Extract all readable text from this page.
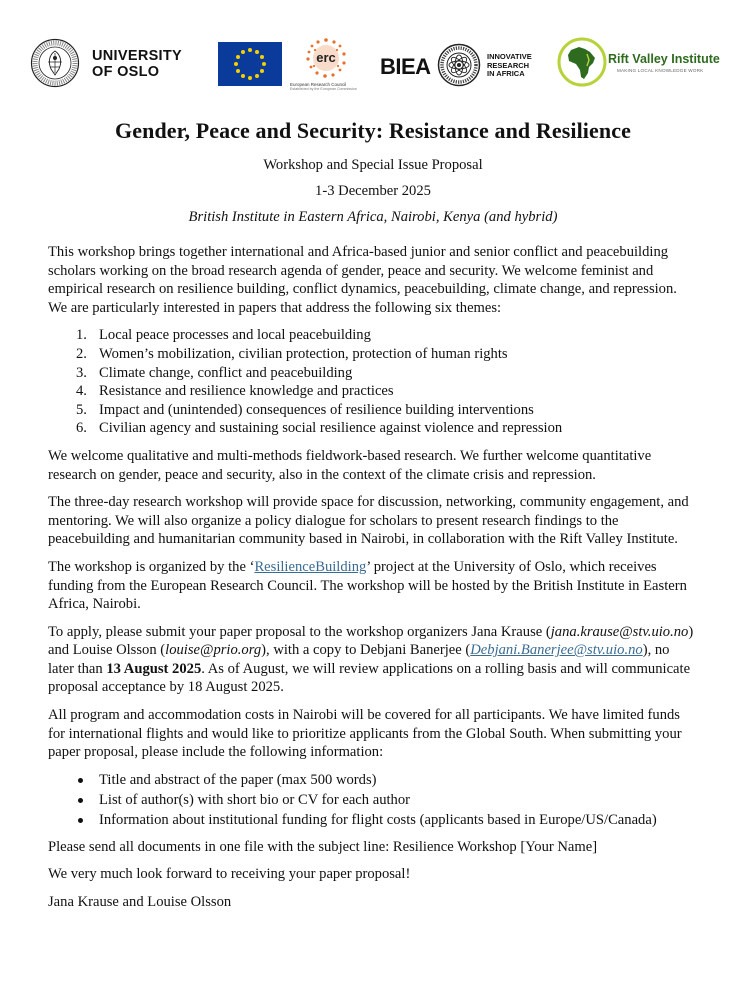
UNIVERSITY
OF OSLO
erc
European Research Council
Established by the European Commission
BIEA	INNOVATIVE
RESEARCH
IN AFRICA
Rift Valley Institute
MAKING LOCAL KNOWLEDGE WORK
Gender, Peace and Security: Resistance and Resilience
Workshop and Special Issue Proposal
1-3 December 2025
British Institute in Eastern Africa, Nairobi, Kenya (and hybrid)

This workshop brings together international and Africa-based junior and senior conflict and peacebuilding scholars working on the broad research agenda of gender, peace and security. We welcome feminist and empirical research on resilience building, conflict dynamics, peacebuilding, climate change, and repression. We are particularly interested in papers that address the following six themes:

1. Local peace processes and local peacebuilding
2. Women’s mobilization, civilian protection, protection of human rights
3. Climate change, conflict and peacebuilding
4. Resistance and resilience knowledge and practices
5. Impact and (unintended) consequences of resilience building interventions
6. Civilian agency and sustaining social resilience against violence and repression

We welcome qualitative and multi-methods fieldwork-based research. We further welcome quantitative research on gender, peace and security, also in the context of the climate crisis and repression.

The three-day research workshop will provide space for discussion, networking, community engagement, and mentoring. We will also organize a policy dialogue for scholars to present research findings to the peacebuilding and humanitarian community based in Nairobi, in collaboration with the Rift Valley Institute.

The workshop is organized by the ‘ResilienceBuilding’ project at the University of Oslo, which receives funding from the European Research Council. The workshop will be hosted by the British Institute in Eastern Africa, Nairobi.

To apply, please submit your paper proposal to the workshop organizers Jana Krause (jana.krause@stv.uio.no) and Louise Olsson (louise@prio.org), with a copy to Debjani Banerjee (Debjani.Banerjee@stv.uio.no), no later than 13 August 2025. As of August, we will review applications on a rolling basis and will communicate proposal acceptance by 18 August 2025.

All program and accommodation costs in Nairobi will be covered for all participants. We have limited funds for international flights and would like to prioritize applicants from the Global South. When submitting your paper proposal, please include the following information:

Title and abstract of the paper (max 500 words)
List of author(s) with short bio or CV for each author
Information about institutional funding for flight costs (applicants based in Europe/US/Canada)

Please send all documents in one file with the subject line: Resilience Workshop [Your Name]

We very much look forward to receiving your paper proposal!

Jana Krause and Louise Olsson
